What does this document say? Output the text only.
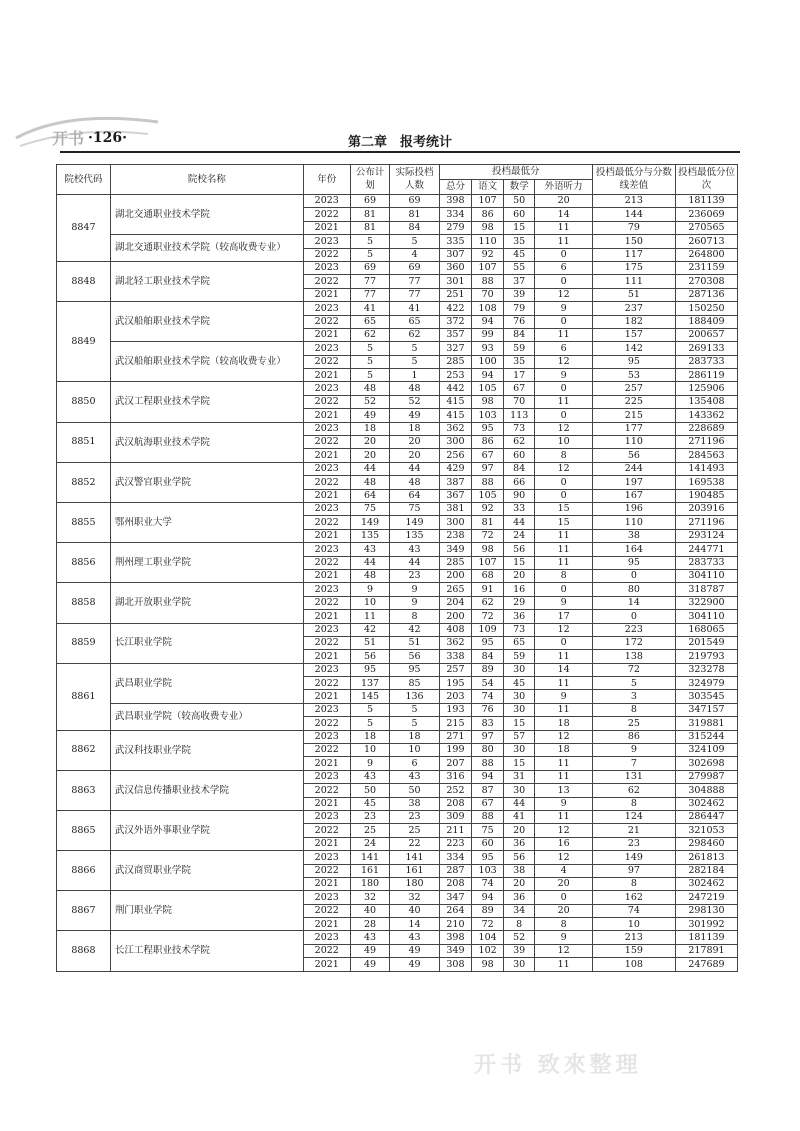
开书 ·126·	第二章　报考统计
院校代码	院校名称	年份	公布计划	实际投档人数	投档最低分				投档最低分与分数线差值	投档最低分位次
					总分	语文	数学	外语听力		
8847	湖北交通职业技术学院	2023	69	69	398	107	50	20	213	181139
		2022	81	81	334	86	60	14	144	236069
		2021	81	84	279	98	15	11	79	270565
	湖北交通职业技术学院（较高收费专业）	2023	5	5	335	110	35	11	150	260713
		2022	5	4	307	92	45	0	117	264800
8848	湖北轻工职业技术学院	2023	69	69	360	107	55	6	175	231159
		2022	77	77	301	88	37	0	111	270308
		2021	77	77	251	70	39	12	51	287136
8849	武汉船舶职业技术学院	2023	41	41	422	108	79	9	237	150250
		2022	65	65	372	94	76	0	182	188409
		2021	62	62	357	99	84	11	157	200657
	武汉船舶职业技术学院（较高收费专业）	2023	5	5	327	93	59	6	142	269133
		2022	5	5	285	100	35	12	95	283733
		2021	5	1	253	94	17	9	53	286119
8850	武汉工程职业技术学院	2023	48	48	442	105	67	0	257	125906
		2022	52	52	415	98	70	11	225	135408
		2021	49	49	415	103	113	0	215	143362
8851	武汉航海职业技术学院	2023	18	18	362	95	73	12	177	228689
		2022	20	20	300	86	62	10	110	271196
		2021	20	20	256	67	60	8	56	284563
8852	武汉警官职业学院	2023	44	44	429	97	84	12	244	141493
		2022	48	48	387	88	66	0	197	169538
		2021	64	64	367	105	90	0	167	190485
8855	鄂州职业大学	2023	75	75	381	92	33	15	196	203916
		2022	149	149	300	81	44	15	110	271196
		2021	135	135	238	72	24	11	38	293124
8856	荆州理工职业学院	2023	43	43	349	98	56	11	164	244771
		2022	44	44	285	107	15	11	95	283733
		2021	48	23	200	68	20	8	0	304110
8858	湖北开放职业学院	2023	9	9	265	91	16	0	80	318787
		2022	10	9	204	62	29	9	14	322900
		2021	11	8	200	72	36	17	0	304110
8859	长江职业学院	2023	42	42	408	109	73	12	223	168065
		2022	51	51	362	95	65	0	172	201549
		2021	56	56	338	84	59	11	138	219793
8861	武昌职业学院	2023	95	95	257	89	30	14	72	323278
		2022	137	85	195	54	45	11	5	324979
		2021	145	136	203	74	30	9	3	303545
	武昌职业学院（较高收费专业）	2023	5	5	193	76	30	11	8	347157
		2022	5	5	215	83	15	18	25	319881
8862	武汉科技职业学院	2023	18	18	271	97	57	12	86	315244
		2022	10	10	199	80	30	18	9	324109
		2021	9	6	207	88	15	11	7	302698
8863	武汉信息传播职业技术学院	2023	43	43	316	94	31	11	131	279987
		2022	50	50	252	87	30	13	62	304888
		2021	45	38	208	67	44	9	8	302462
8865	武汉外语外事职业学院	2023	23	23	309	88	41	11	124	286447
		2022	25	25	211	75	20	12	21	321053
		2021	24	22	223	60	36	16	23	298460
8866	武汉商贸职业学院	2023	141	141	334	95	56	12	149	261813
		2022	161	161	287	103	38	4	97	282184
		2021	180	180	208	74	20	20	8	302462
8867	荆门职业学院	2023	32	32	347	94	36	0	162	247219
		2022	40	40	264	89	34	20	74	298130
		2021	28	14	210	72	8	8	10	301992
8868	长江工程职业技术学院	2023	43	43	398	104	52	9	213	181139
		2022	49	49	349	102	39	12	159	217891
		2021	49	49	308	98	30	11	108	247689
开书 致來整理
